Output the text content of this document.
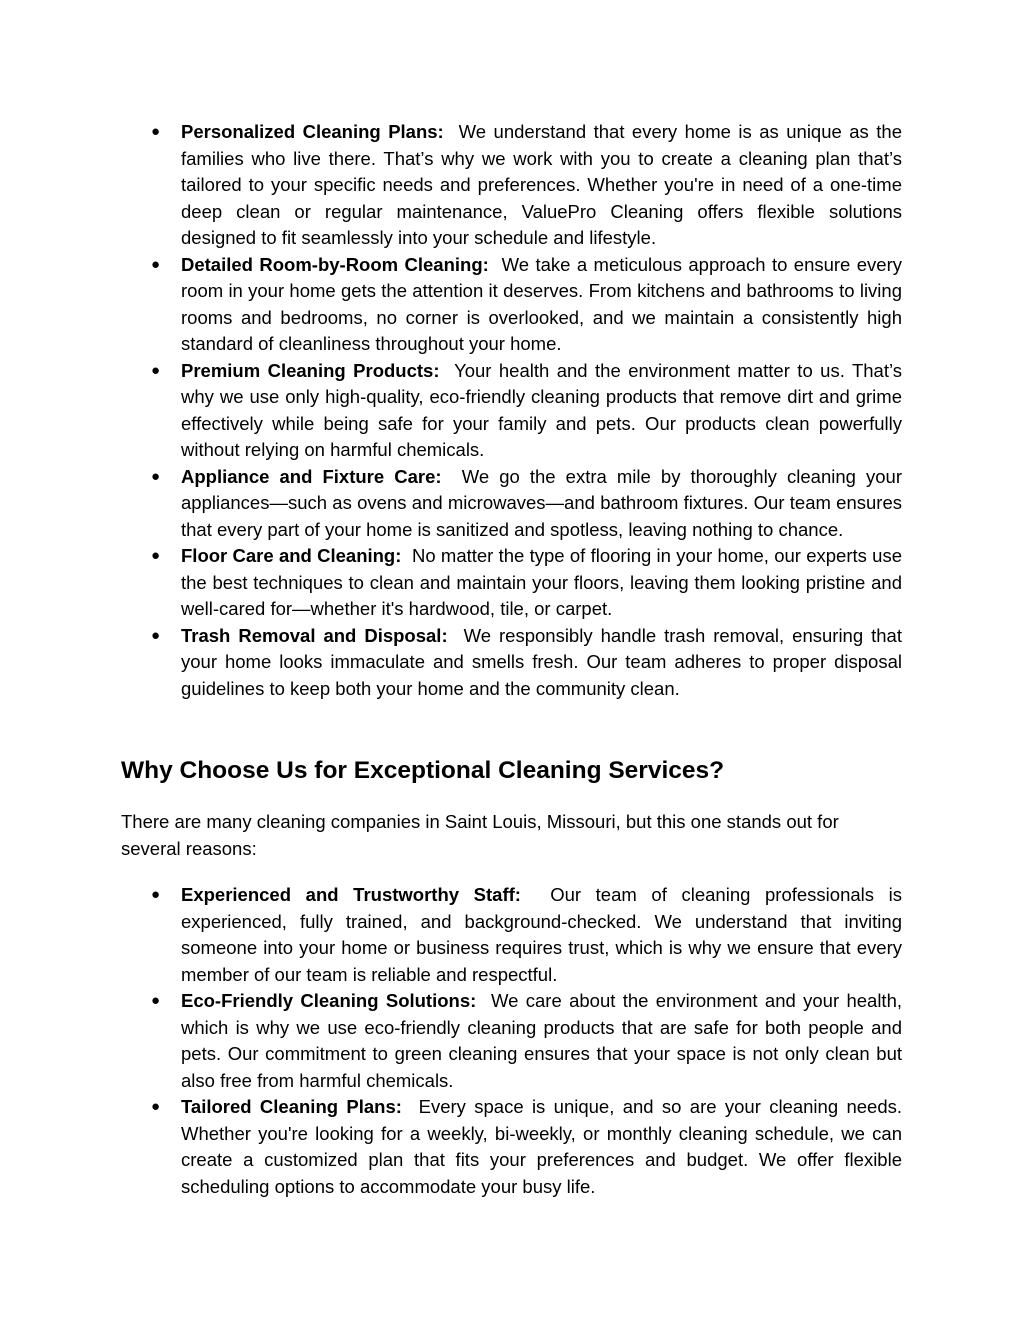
● Personalized Cleaning Plans: We understand that every home is as unique as the families who live there. That’s why we work with you to create a cleaning plan that’s tailored to your specific needs and preferences. Whether you're in need of a one-time deep clean or regular maintenance, ValuePro Cleaning offers flexible solutions designed to fit seamlessly into your schedule and lifestyle.
● Detailed Room-by-Room Cleaning: We take a meticulous approach to ensure every room in your home gets the attention it deserves. From kitchens and bathrooms to living rooms and bedrooms, no corner is overlooked, and we maintain a consistently high standard of cleanliness throughout your home.
● Premium Cleaning Products: Your health and the environment matter to us. That’s why we use only high-quality, eco-friendly cleaning products that remove dirt and grime effectively while being safe for your family and pets. Our products clean powerfully without relying on harmful chemicals.
● Appliance and Fixture Care: We go the extra mile by thoroughly cleaning your appliances—such as ovens and microwaves—and bathroom fixtures. Our team ensures that every part of your home is sanitized and spotless, leaving nothing to chance.
● Floor Care and Cleaning: No matter the type of flooring in your home, our experts use the best techniques to clean and maintain your floors, leaving them looking pristine and well-cared for—whether it's hardwood, tile, or carpet.
● Trash Removal and Disposal: We responsibly handle trash removal, ensuring that your home looks immaculate and smells fresh. Our team adheres to proper disposal guidelines to keep both your home and the community clean.
Why Choose Us for Exceptional Cleaning Services?

There are many cleaning companies in Saint Louis, Missouri, but this one stands out for several reasons:

● Experienced and Trustworthy Staff: Our team of cleaning professionals is experienced, fully trained, and background-checked. We understand that inviting someone into your home or business requires trust, which is why we ensure that every member of our team is reliable and respectful.
● Eco-Friendly Cleaning Solutions: We care about the environment and your health, which is why we use eco-friendly cleaning products that are safe for both people and pets. Our commitment to green cleaning ensures that your space is not only clean but also free from harmful chemicals.
● Tailored Cleaning Plans: Every space is unique, and so are your cleaning needs. Whether you're looking for a weekly, bi-weekly, or monthly cleaning schedule, we can create a customized plan that fits your preferences and budget. We offer flexible scheduling options to accommodate your busy life.
